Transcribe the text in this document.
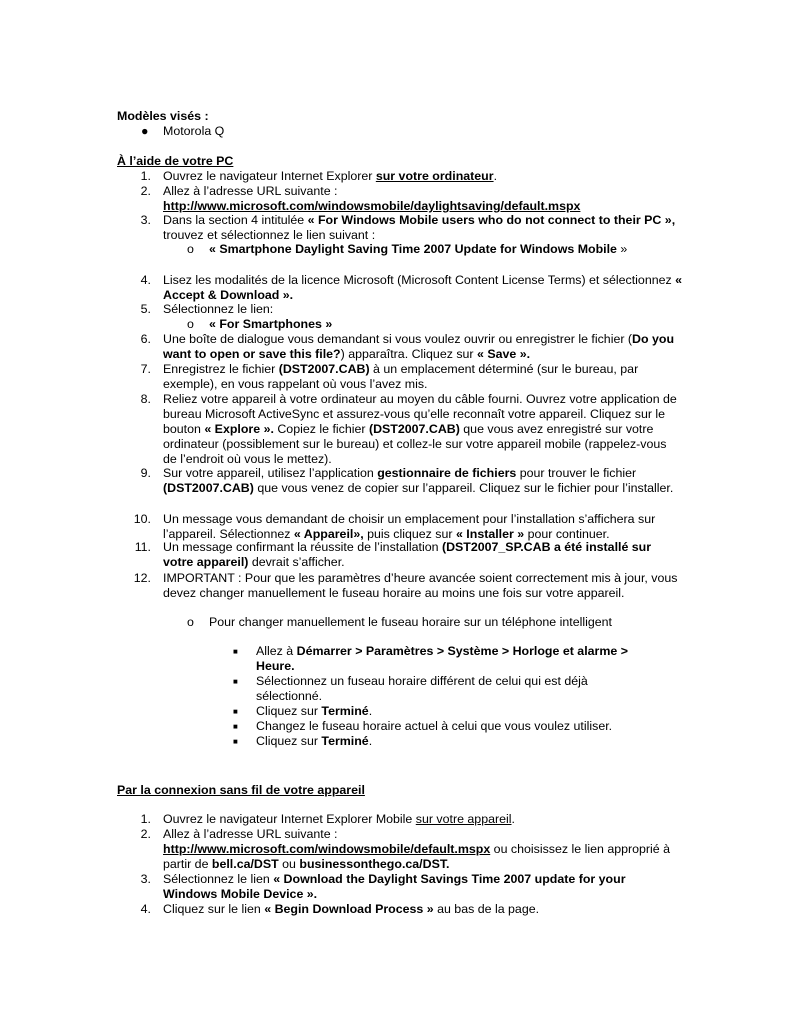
Modèles visés :
● Motorola Q
À l’aide de votre PC
1. Ouvrez le navigateur Internet Explorer sur votre ordinateur.
2. Allez à l’adresse URL suivante :
http://www.microsoft.com/windowsmobile/daylightsaving/default.mspx
3. Dans la section 4 intitulée « For Windows Mobile users who do not connect to their PC », trouvez et sélectionnez le lien suivant :
4. Lisez les modalités de la licence Microsoft (Microsoft Content License Terms) et sélectionnez « Accept & Download ».
5. Sélectionnez le lien:
6. Une boîte de dialogue vous demandant si vous voulez ouvrir ou enregistrer le fichier (Do you want to open or save this file?) apparaîtra. Cliquez sur « Save ».
7. Enregistrez le fichier (DST2007.CAB) à un emplacement déterminé (sur le bureau, par exemple), en vous rappelant où vous l’avez mis.
8. Reliez votre appareil à votre ordinateur au moyen du câble fourni. Ouvrez votre application de bureau Microsoft ActiveSync et assurez-vous qu’elle reconnaît votre appareil. Cliquez sur le bouton « Explore ». Copiez le fichier (DST2007.CAB) que vous avez enregistré sur votre ordinateur (possiblement sur le bureau) et collez-le sur votre appareil mobile (rappelez-vous de l’endroit où vous le mettez).
9. Sur votre appareil, utilisez l’application gestionnaire de fichiers pour trouver le fichier (DST2007.CAB) que vous venez de copier sur l’appareil. Cliquez sur le fichier pour l’installer.
10. Un message vous demandant de choisir un emplacement pour l’installation s’affichera sur l’appareil. Sélectionnez « Appareil», puis cliquez sur « Installer » pour continuer.
11. Un message confirmant la réussite de l’installation (DST2007_SP.CAB a été installé sur votre appareil) devrait s’afficher.
12. IMPORTANT : Pour que les paramètres d’heure avancée soient correctement mis à jour, vous devez changer manuellement le fuseau horaire au moins une fois sur votre appareil.
o « Smartphone Daylight Saving Time 2007 Update for Windows Mobile »
o « For Smartphones »
o Pour changer manuellement le fuseau horaire sur un téléphone intelligent
■ Allez à Démarrer > Paramètres > Système > Horloge et alarme > Heure.
■ Sélectionnez un fuseau horaire différent de celui qui est déjà sélectionné.
■ Cliquez sur Terminé.
■ Changez le fuseau horaire actuel à celui que vous voulez utiliser.
■ Cliquez sur Terminé.
Par la connexion sans fil de votre appareil
1. Ouvrez le navigateur Internet Explorer Mobile sur votre appareil.
2. Allez à l’adresse URL suivante :
http://www.microsoft.com/windowsmobile/default.mspx ou choisissez le lien approprié à partir de bell.ca/DST ou businessonthego.ca/DST.
3. Sélectionnez le lien « Download the Daylight Savings Time 2007 update for your Windows Mobile Device ».
4. Cliquez sur le lien « Begin Download Process » au bas de la page.
